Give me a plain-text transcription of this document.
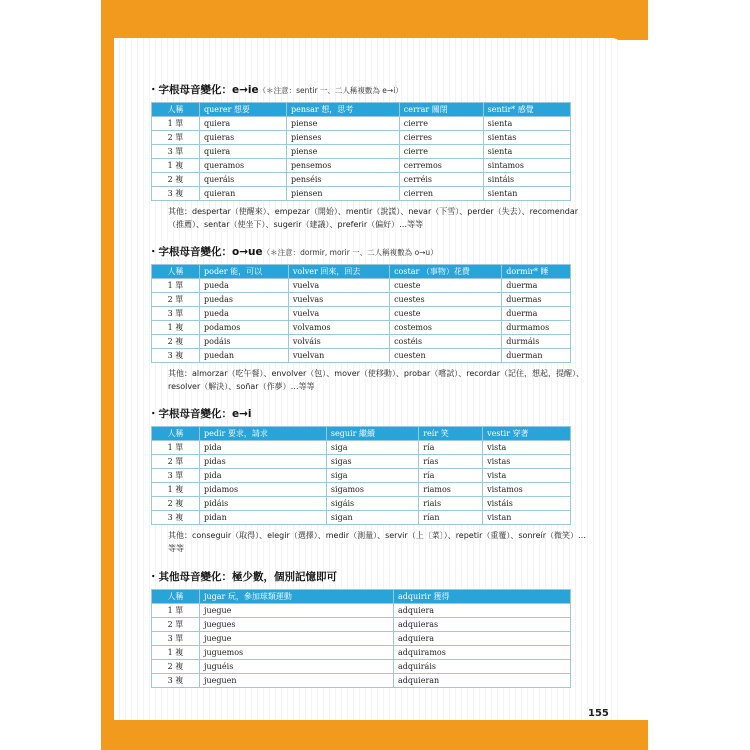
・字根母音變化：e→ie（＊注意：sentir 一、二人稱複數為 e→i）
人稱	querer 想要	pensar 想，思考	cerrar 關閉	sentir* 感覺
1 單	quiera	piense	cierre	sienta
2 單	quieras	pienses	cierres	sientas
3 單	quiera	piense	cierre	sienta
1 複	queramos	pensemos	cerremos	sintamos
2 複	queráis	penséis	cerréis	sintáis
3 複	quieran	piensen	cierren	sientan
其他：despertar（使醒來）、empezar（開始）、mentir（說謊）、nevar（下雪）、perder（失去）、recomendar（推薦）、sentar（使坐下）、sugerir（建議）、preferir（偏好）…等等
・字根母音變化：o→ue（＊注意：dormir, morir 一、二人稱複數為 o→u）
人稱	poder 能，可以	volver 回來，回去	costar （事物）花費	dormir* 睡
1 單	pueda	vuelva	cueste	duerma
2 單	puedas	vuelvas	cuestes	duermas
3 單	pueda	vuelva	cueste	duerma
1 複	podamos	volvamos	costemos	durmamos
2 複	podáis	volváis	costéis	durmáis
3 複	puedan	vuelvan	cuesten	duerman
其他：almorzar（吃午餐）、envolver（包）、mover（使移動）、probar（嚐試）、recordar（記住，想起，提醒）、resolver（解決）、soñar（作夢）…等等
・字根母音變化：e→i
人稱	pedir 要求，請求	seguir 繼續	reír 笑	vestir 穿著
1 單	pida	siga	ría	vista
2 單	pidas	sigas	rías	vistas
3 單	pida	siga	ría	vista
1 複	pidamos	sigamos	riamos	vistamos
2 複	pidáis	sigáis	riais	vistáis
3 複	pidan	sigan	rían	vistan
其他：conseguir（取得）、elegir（選擇）、medir（測量）、servir（上〔菜〕）、repetir（重覆）、sonreír（微笑）…等等
・其他母音變化：極少數，個別記憶即可
人稱	jugar 玩，參加球類運動	adquirir 獲得
1 單	juegue	adquiera
2 單	juegues	adquieras
3 單	juegue	adquiera
1 複	juguemos	adquiramos
2 複	juguéis	adquiráis
3 複	jueguen	adquieran
155
